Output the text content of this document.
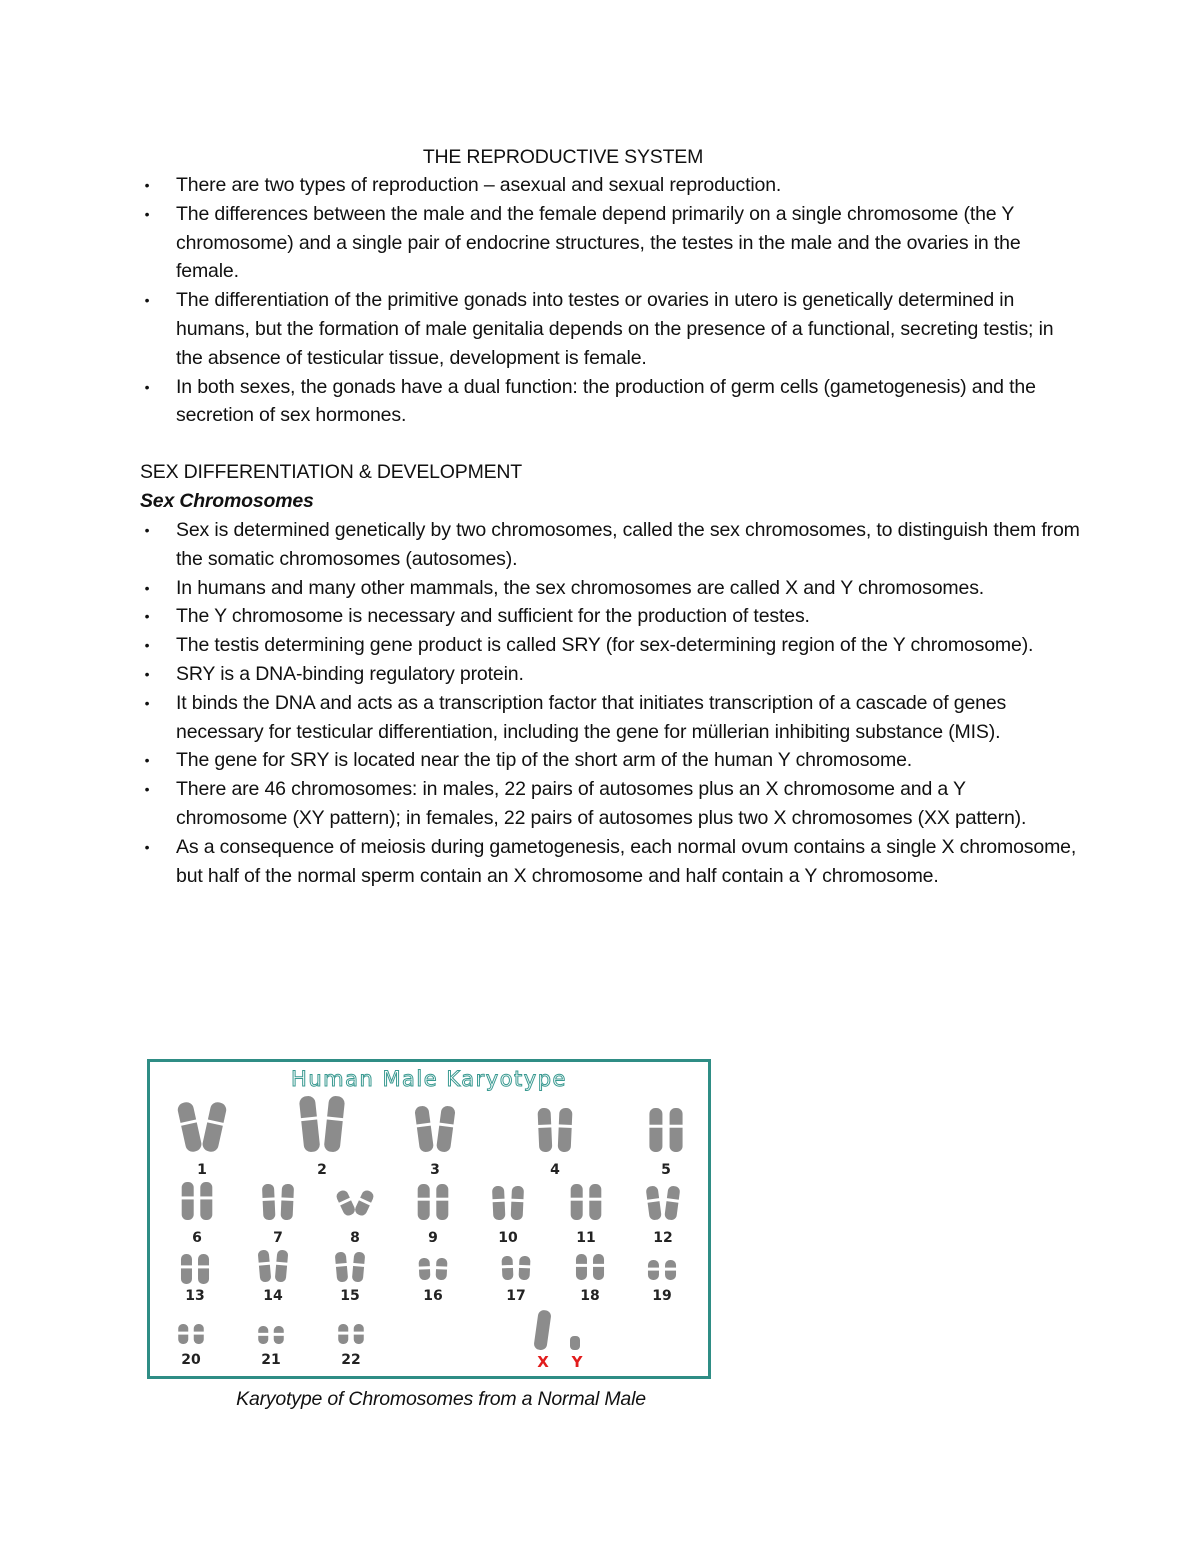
THE REPRODUCTIVE SYSTEM
• There are two types of reproduction – asexual and sexual reproduction.
• The differences between the male and the female depend primarily on a single chromosome (the Y chromosome) and a single pair of endocrine structures, the testes in the male and the ovaries in the female.
• The differentiation of the primitive gonads into testes or ovaries in utero is genetically determined in humans, but the formation of male genitalia depends on the presence of a functional, secreting testis; in the absence of testicular tissue, development is female.
• In both sexes, the gonads have a dual function: the production of germ cells (gametogenesis) and the secretion of sex hormones.
SEX DIFFERENTIATION & DEVELOPMENT
Sex Chromosomes
• Sex is determined genetically by two chromosomes, called the sex chromosomes, to distinguish them from the somatic chromosomes (autosomes).
• In humans and many other mammals, the sex chromosomes are called X and Y chromosomes.
• The Y chromosome is necessary and sufficient for the production of testes.
• The testis determining gene product is called SRY (for sex-determining region of the Y chromosome).
• SRY is a DNA-binding regulatory protein.
• It binds the DNA and acts as a transcription factor that initiates transcription of a cascade of genes necessary for testicular differentiation, including the gene for müllerian inhibiting substance (MIS).
• The gene for SRY is located near the tip of the short arm of the human Y chromosome.
• There are 46 chromosomes: in males, 22 pairs of autosomes plus an X chromosome and a Y chromosome (XY pattern); in females, 22 pairs of autosomes plus two X chromosomes (XX pattern).
• As a consequence of meiosis during gametogenesis, each normal ovum contains a single X chromosome, but half of the normal sperm contain an X chromosome and half contain a Y chromosome.
Human Male Karyotype
1	2	3	4	5
6	7	8	9	10	11	12
13	14	15	16	17	18	19
20	21	22	X Y
Karyotype of Chromosomes from a Normal Male
